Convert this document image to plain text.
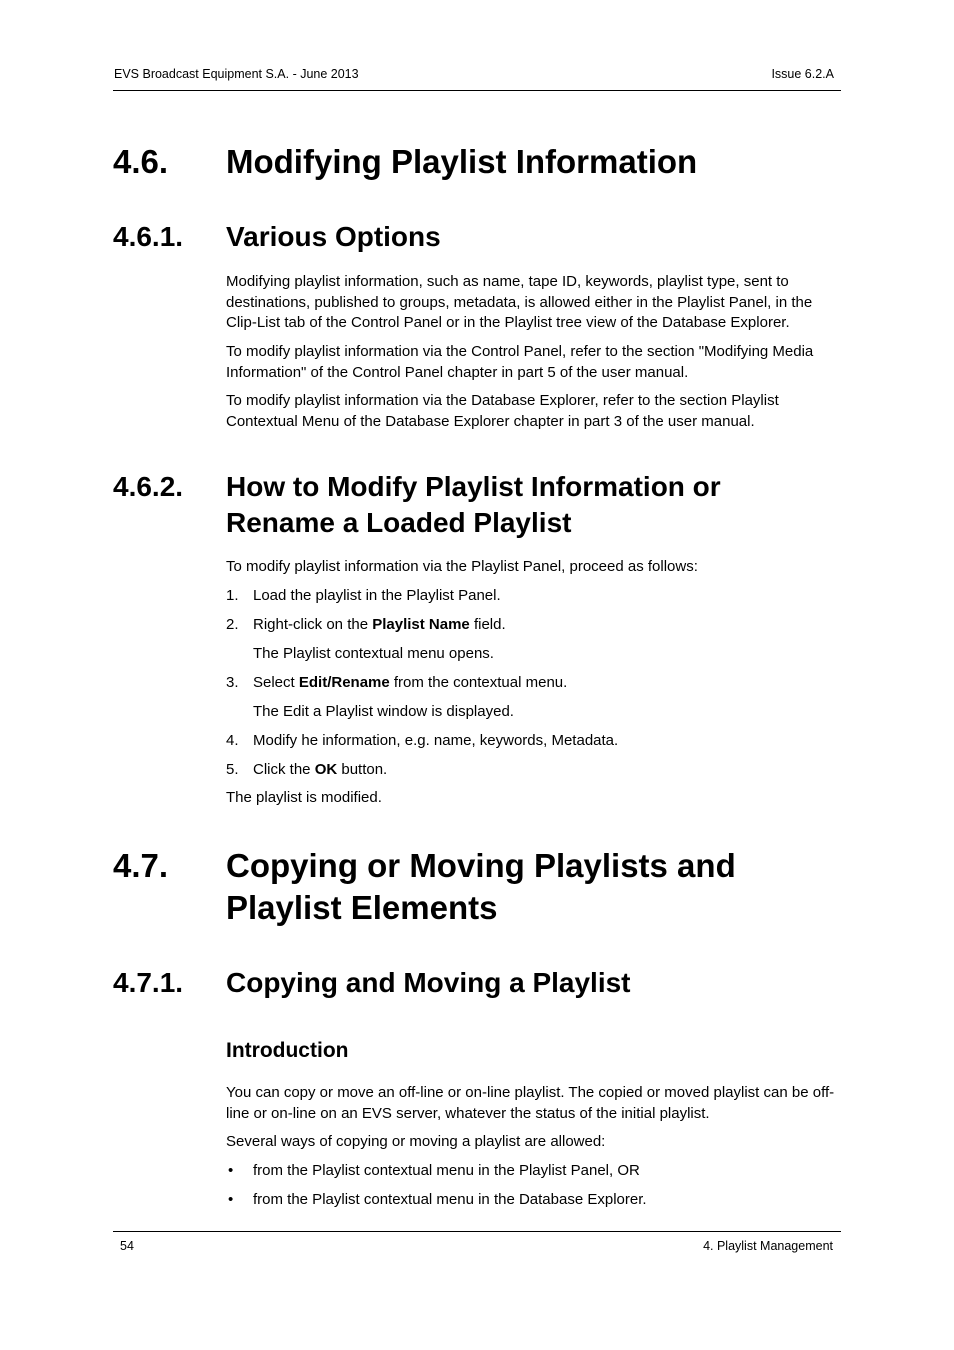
EVS Broadcast Equipment S.A. - June 2013	Issue 6.2.A
4.6. Modifying Playlist Information
4.6.1. Various Options
Modifying playlist information, such as name, tape ID, keywords, playlist type, sent to destinations, published to groups, metadata, is allowed either in the Playlist Panel, in the Clip-List tab of the Control Panel or in the Playlist tree view of the Database Explorer.
To modify playlist information via the Control Panel, refer to the section "Modifying Media Information" of the Control Panel chapter in part 5 of the user manual.
To modify playlist information via the Database Explorer, refer to the section Playlist Contextual Menu of the Database Explorer chapter in part 3 of the user manual.
4.6.2. How to Modify Playlist Information or
Rename a Loaded Playlist
To modify playlist information via the Playlist Panel, proceed as follows:
1. Load the playlist in the Playlist Panel.
2. Right-click on the Playlist Name field.
The Playlist contextual menu opens.
3. Select Edit/Rename from the contextual menu.
The Edit a Playlist window is displayed.
4. Modify he information, e.g. name, keywords, Metadata.
5. Click the OK button.
The playlist is modified.
4.7. Copying or Moving Playlists and
Playlist Elements
4.7.1. Copying and Moving a Playlist
Introduction
You can copy or move an off-line or on-line playlist. The copied or moved playlist can be off-line or on-line on an EVS server, whatever the status of the initial playlist.
Several ways of copying or moving a playlist are allowed:
• from the Playlist contextual menu in the Playlist Panel, OR
• from the Playlist contextual menu in the Database Explorer.
54	4. Playlist Management
